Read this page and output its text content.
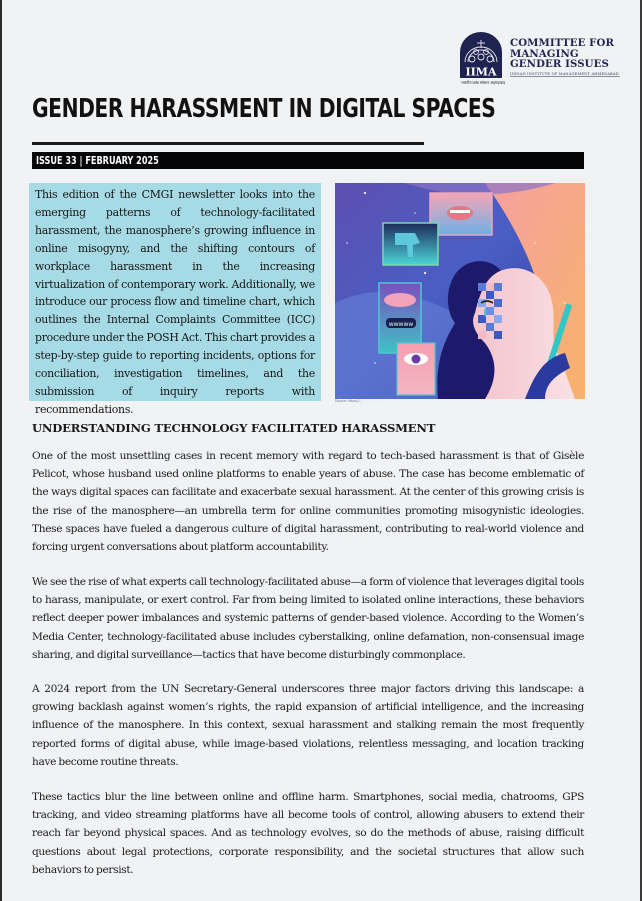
IIMA
भारतीय प्रबंध संस्थान अहमदाबाद
COMMITTEE FOR
MANAGING
GENDER ISSUES
INDIAN INSTITUTE OF MANAGEMENT AHMEDABAD
GENDER HARASSMENT IN DIGITAL SPACES
ISSUE 33 | FEBRUARY 2025

This edition of the CMGI newsletter looks into the emerging patterns of technology-facilitated harassment, the manosphere’s growing influence in online misogyny, and the shifting contours of workplace harassment in the increasing virtualization of contemporary work. Additionally, we introduce our process flow and timeline chart, which outlines the Internal Complaints Committee (ICC) procedure under the POSH Act. This chart provides a step-by-step guide to reporting incidents, options for conciliation, investigation timelines, and the submission of inquiry reports with recommendations.

wwwww
Source: https://...
UNDERSTANDING TECHNOLOGY FACILITATED HARASSMENT

One of the most unsettling cases in recent memory with regard to tech-based harassment is that of Gisèle Pelicot, whose husband used online platforms to enable years of abuse. The case has become emblematic of the ways digital spaces can facilitate and exacerbate sexual harassment. At the center of this growing crisis is the rise of the manosphere—an umbrella term for online communities promoting misogynistic ideologies. These spaces have fueled a dangerous culture of digital harassment, contributing to real-world violence and forcing urgent conversations about platform accountability.

We see the rise of what experts call technology-facilitated abuse—a form of violence that leverages digital tools to harass, manipulate, or exert control. Far from being limited to isolated online interactions, these behaviors reflect deeper power imbalances and systemic patterns of gender-based violence. According to the Women’s Media Center, technology-facilitated abuse includes cyberstalking, online defamation, non-consensual image sharing, and digital surveillance—tactics that have become disturbingly commonplace.

A 2024 report from the UN Secretary-General underscores three major factors driving this landscape: a growing backlash against women’s rights, the rapid expansion of artificial intelligence, and the increasing influence of the manosphere. In this context, sexual harassment and stalking remain the most frequently reported forms of digital abuse, while image-based violations, relentless messaging, and location tracking have become routine threats.

These tactics blur the line between online and offline harm. Smartphones, social media, chatrooms, GPS tracking, and video streaming platforms have all become tools of control, allowing abusers to extend their reach far beyond physical spaces. And as technology evolves, so do the methods of abuse, raising difficult questions about legal protections, corporate responsibility, and the societal structures that allow such behaviors to persist.
